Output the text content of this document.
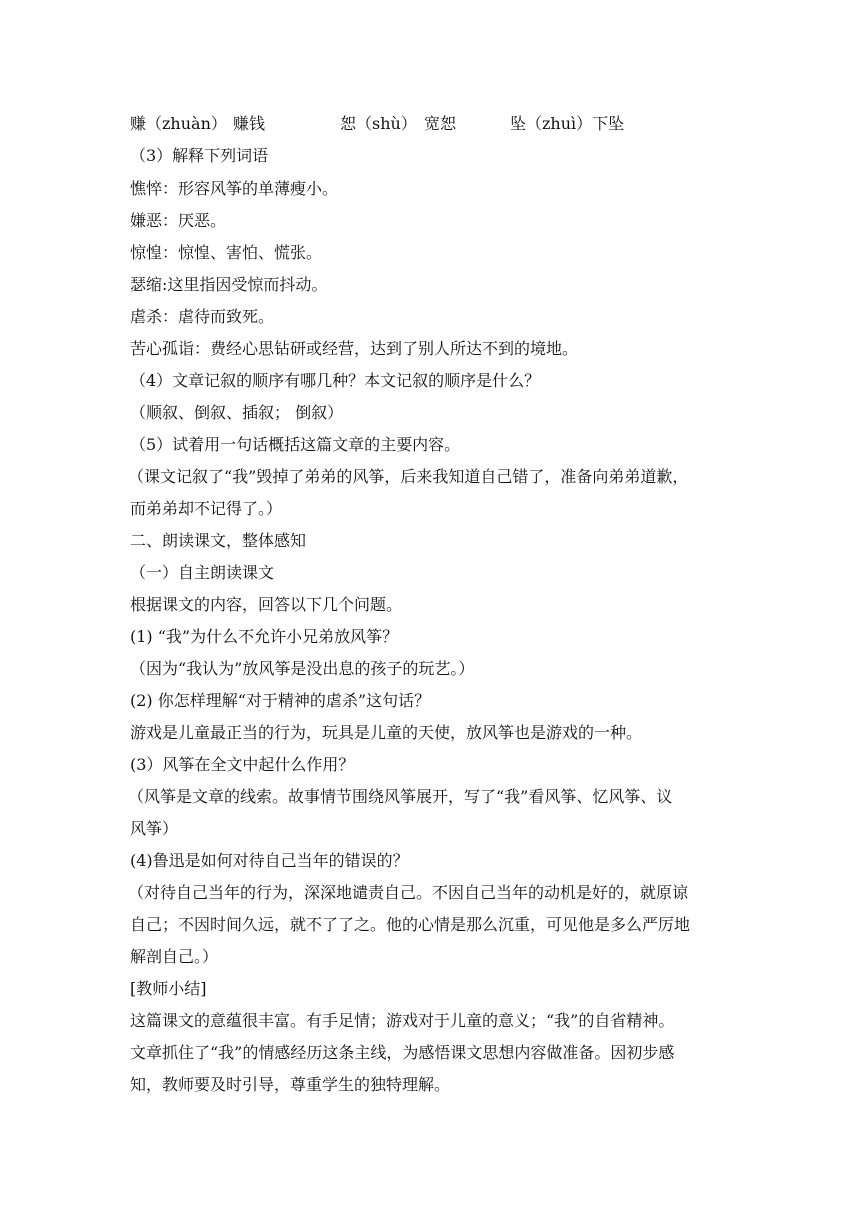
赚（zhuàn） 赚钱	恕（shù） 宽恕	坠（zhuì）下坠
（3）解释下列词语
憔悴：形容风筝的单薄瘦小。
嫌恶：厌恶。
惊惶：惊惶、害怕、慌张。
瑟缩:这里指因受惊而抖动。
虐杀：虐待而致死。
苦心孤诣：费经心思钻研或经营，达到了别人所达不到的境地。
（4）文章记叙的顺序有哪几种？本文记叙的顺序是什么？
（顺叙、倒叙、插叙； 倒叙）
（5）试着用一句话概括这篇文章的主要内容。
（课文记叙了“我”毁掉了弟弟的风筝，后来我知道自己错了，准备向弟弟道歉，
而弟弟却不记得了。）
二、朗读课文，整体感知
（一）自主朗读课文
根据课文的内容，回答以下几个问题。
(1) “我”为什么不允许小兄弟放风筝？
（因为“我认为”放风筝是没出息的孩子的玩艺。）
(2) 你怎样理解“对于精神的虐杀”这句话？
游戏是儿童最正当的行为，玩具是儿童的天使，放风筝也是游戏的一种。
(3）风筝在全文中起什么作用？
（风筝是文章的线索。故事情节围绕风筝展开，写了“我”看风筝、忆风筝、议
风筝）
(4)鲁迅是如何对待自己当年的错误的？
（对待自己当年的行为，深深地谴责自己。不因自己当年的动机是好的，就原谅
自己；不因时间久远，就不了了之。他的心情是那么沉重，可见他是多么严厉地
解剖自己。）
[教师小结]
这篇课文的意蕴很丰富。有手足情；游戏对于儿童的意义；“我”的自省精神。
文章抓住了“我”的情感经历这条主线，为感悟课文思想内容做准备。因初步感
知，教师要及时引导，尊重学生的独特理解。
